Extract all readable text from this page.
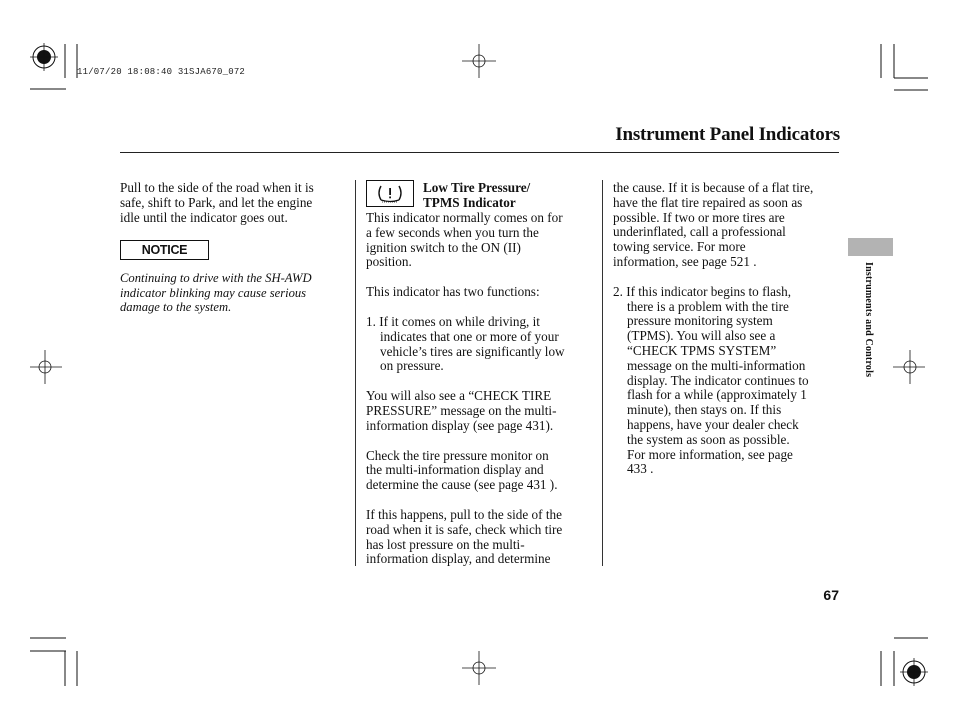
11/07/20 18:08:40 31SJA670_072
Instrument Panel Indicators

Pull to the side of the road when it is

safe, shift to Park, and let the engine

idle until the indicator goes out.

NOTICE

Continuing to drive with the SH-AWD

indicator blinking may cause serious

damage to the system.

Low Tire Pressure/
TPMS Indicator

This indicator normally comes on for

a few seconds when you turn the

ignition switch to the ON (II)

position.

This indicator has two functions:

1. If it comes on while driving, it

indicates that one or more of your

vehicle’s tires are significantly low

on pressure.

You will also see a “CHECK TIRE

PRESSURE” message on the multi-

information display (see page 431).

Check the tire pressure monitor on

the multi-information display and

determine the cause (see page 431 ).

If this happens, pull to the side of the

road when it is safe, check which tire

has lost pressure on the multi-

information display, and determine

the cause. If it is because of a flat tire,

have the flat tire repaired as soon as

possible. If two or more tires are

underinflated, call a professional

towing service. For more

information, see page 521 .

2. If this indicator begins to flash,

there is a problem with the tire

pressure monitoring system

(TPMS). You will also see a

“CHECK TPMS SYSTEM”

message on the multi-information

display. The indicator continues to

flash for a while (approximately 1

minute), then stays on. If this

happens, have your dealer check

the system as soon as possible.

For more information, see page

433 .

Instruments and Controls
67
